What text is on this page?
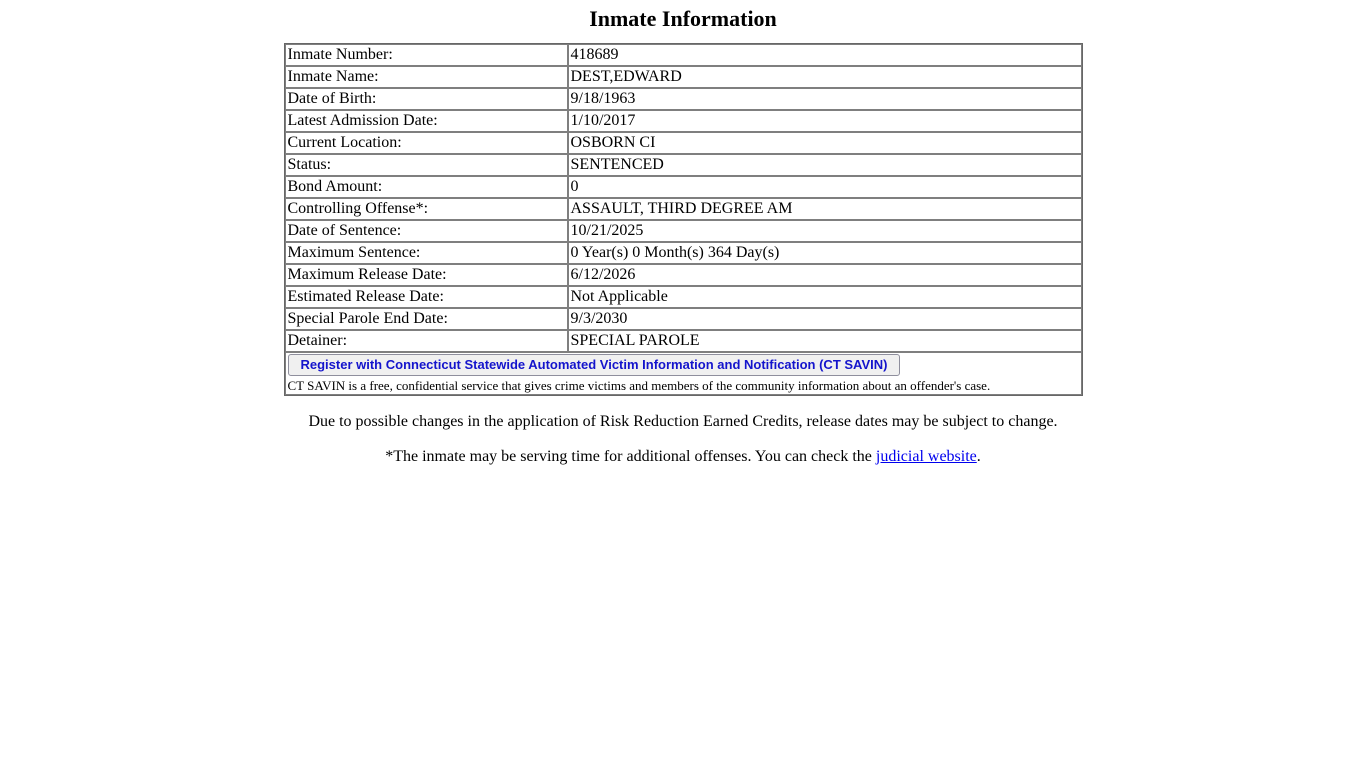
Inmate Information
Inmate Number:	418689
Inmate Name:	DEST,EDWARD
Date of Birth:	9/18/1963
Latest Admission Date:	1/10/2017
Current Location:	OSBORN CI
Status:	SENTENCED
Bond Amount:	0
Controlling Offense*:	ASSAULT, THIRD DEGREE AM
Date of Sentence:	10/21/2025
Maximum Sentence:	0 Year(s) 0 Month(s) 364 Day(s)
Maximum Release Date:	6/12/2026
Estimated Release Date:	Not Applicable
Special Parole End Date:	9/3/2030
Detainer:	SPECIAL PAROLE

Register with Connecticut Statewide Automated Victim Information and Notification (CT SAVIN)
CT SAVIN is a free, confidential service that gives crime victims and members of the community information about an offender's case.	

Due to possible changes in the application of Risk Reduction Earned Credits, release dates may be subject to change.

*The inmate may be serving time for additional offenses. You can check the judicial website.
